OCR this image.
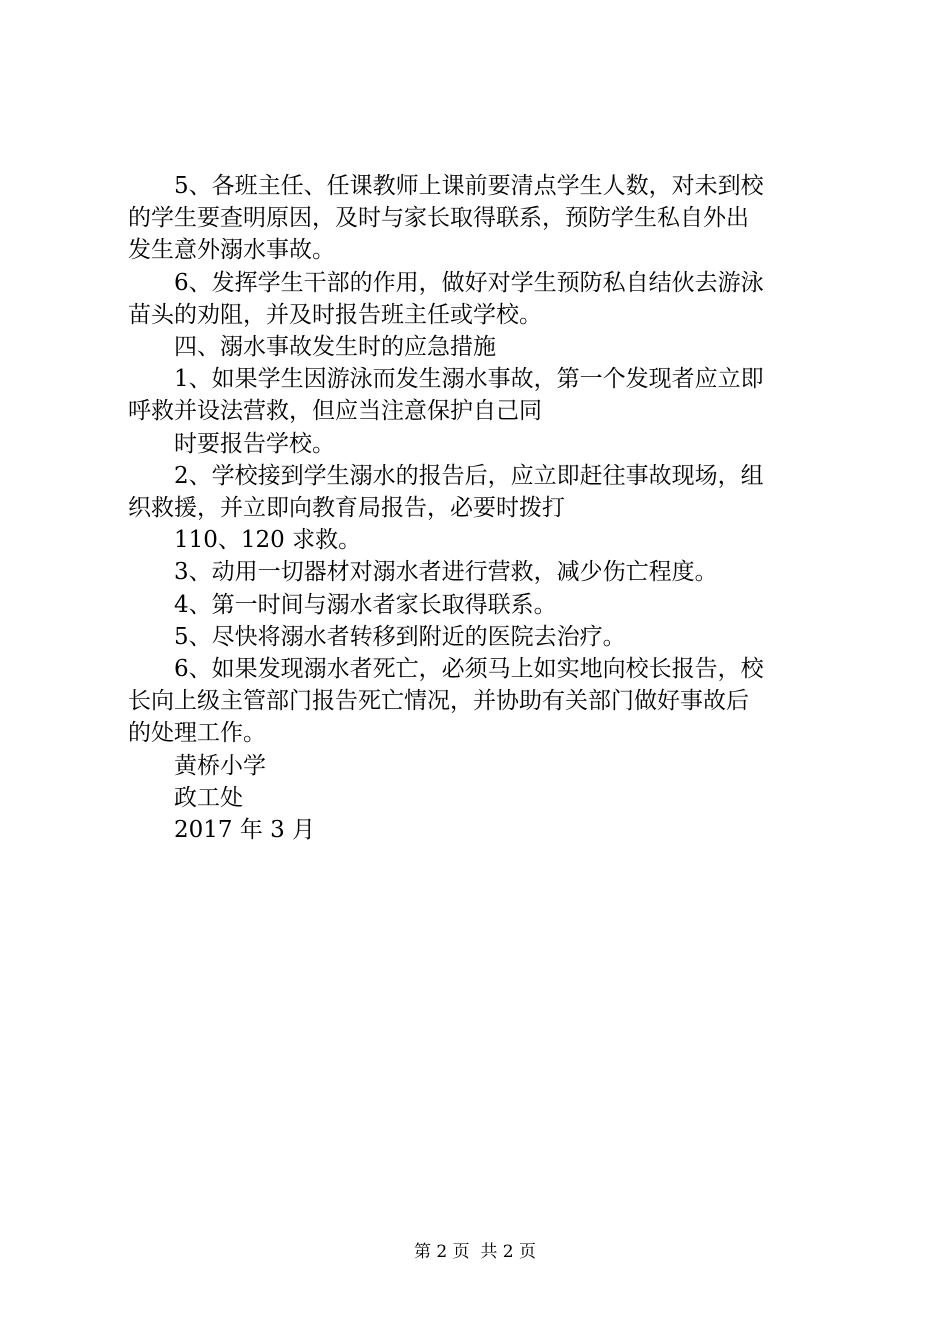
5、各班主任、任课教师上课前要清点学生人数，对未到校

的学生要查明原因，及时与家长取得联系，预防学生私自外出

发生意外溺水事故。

6、发挥学生干部的作用，做好对学生预防私自结伙去游泳

苗头的劝阻，并及时报告班主任或学校。

四、溺水事故发生时的应急措施

1、如果学生因游泳而发生溺水事故，第一个发现者应立即

呼救并设法营救，但应当注意保护自己同

时要报告学校。

2、学校接到学生溺水的报告后，应立即赶往事故现场，组

织救援，并立即向教育局报告，必要时拨打

110、120 求救。

3、动用一切器材对溺水者进行营救，减少伤亡程度。

4、第一时间与溺水者家长取得联系。

5、尽快将溺水者转移到附近的医院去治疗。

6、如果发现溺水者死亡，必须马上如实地向校长报告，校

长向上级主管部门报告死亡情况，并协助有关部门做好事故后

的处理工作。

黄桥小学

政工处

2017 年 3 月

第 2 页  共 2 页
